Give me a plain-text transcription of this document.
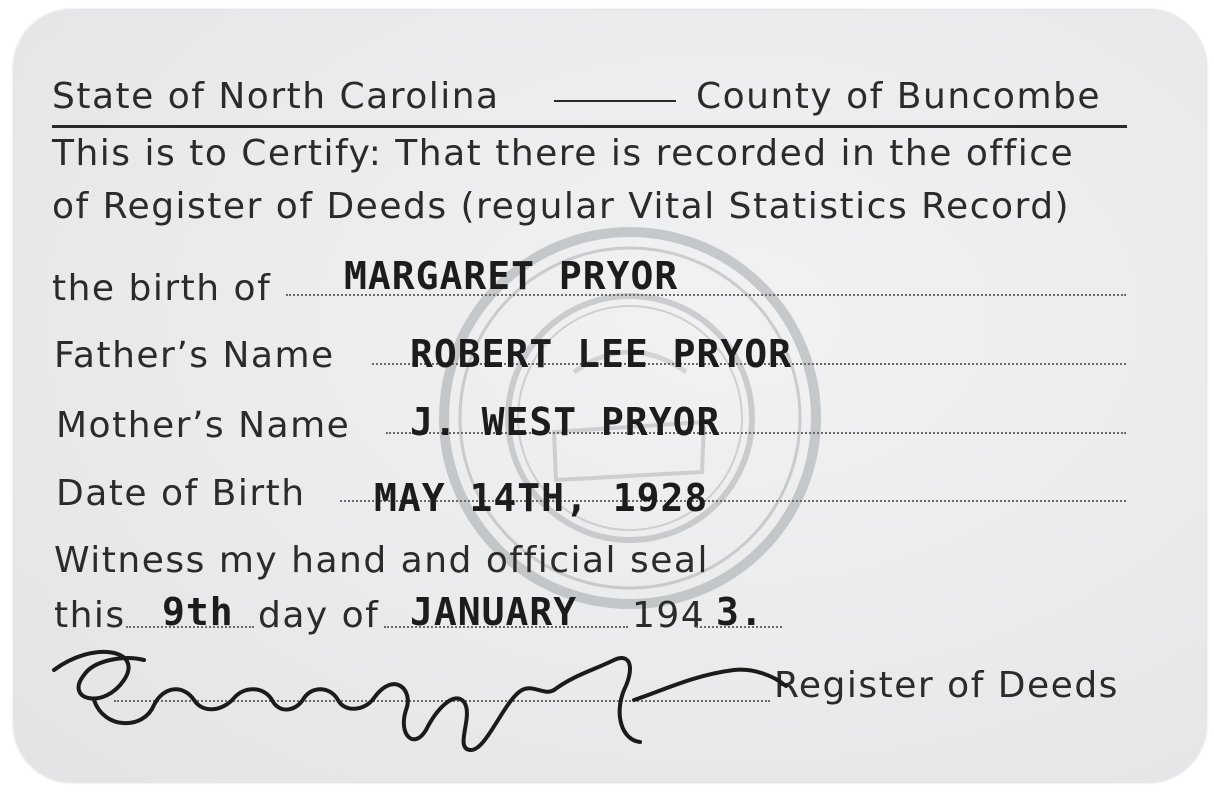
State of North Carolina	County of Buncombe
This is to Certify: That there is recorded in the office
of Register of Deeds (regular Vital Statistics Record)
the birth of MARGARET PRYOR
Father’s Name ROBERT LEE PRYOR
Mother’s Name J. WEST PRYOR
Date of Birth MAY 14TH, 1928
Witness my hand and official seal
this 9th day of JANUARY 194 3.
Register of Deeds
